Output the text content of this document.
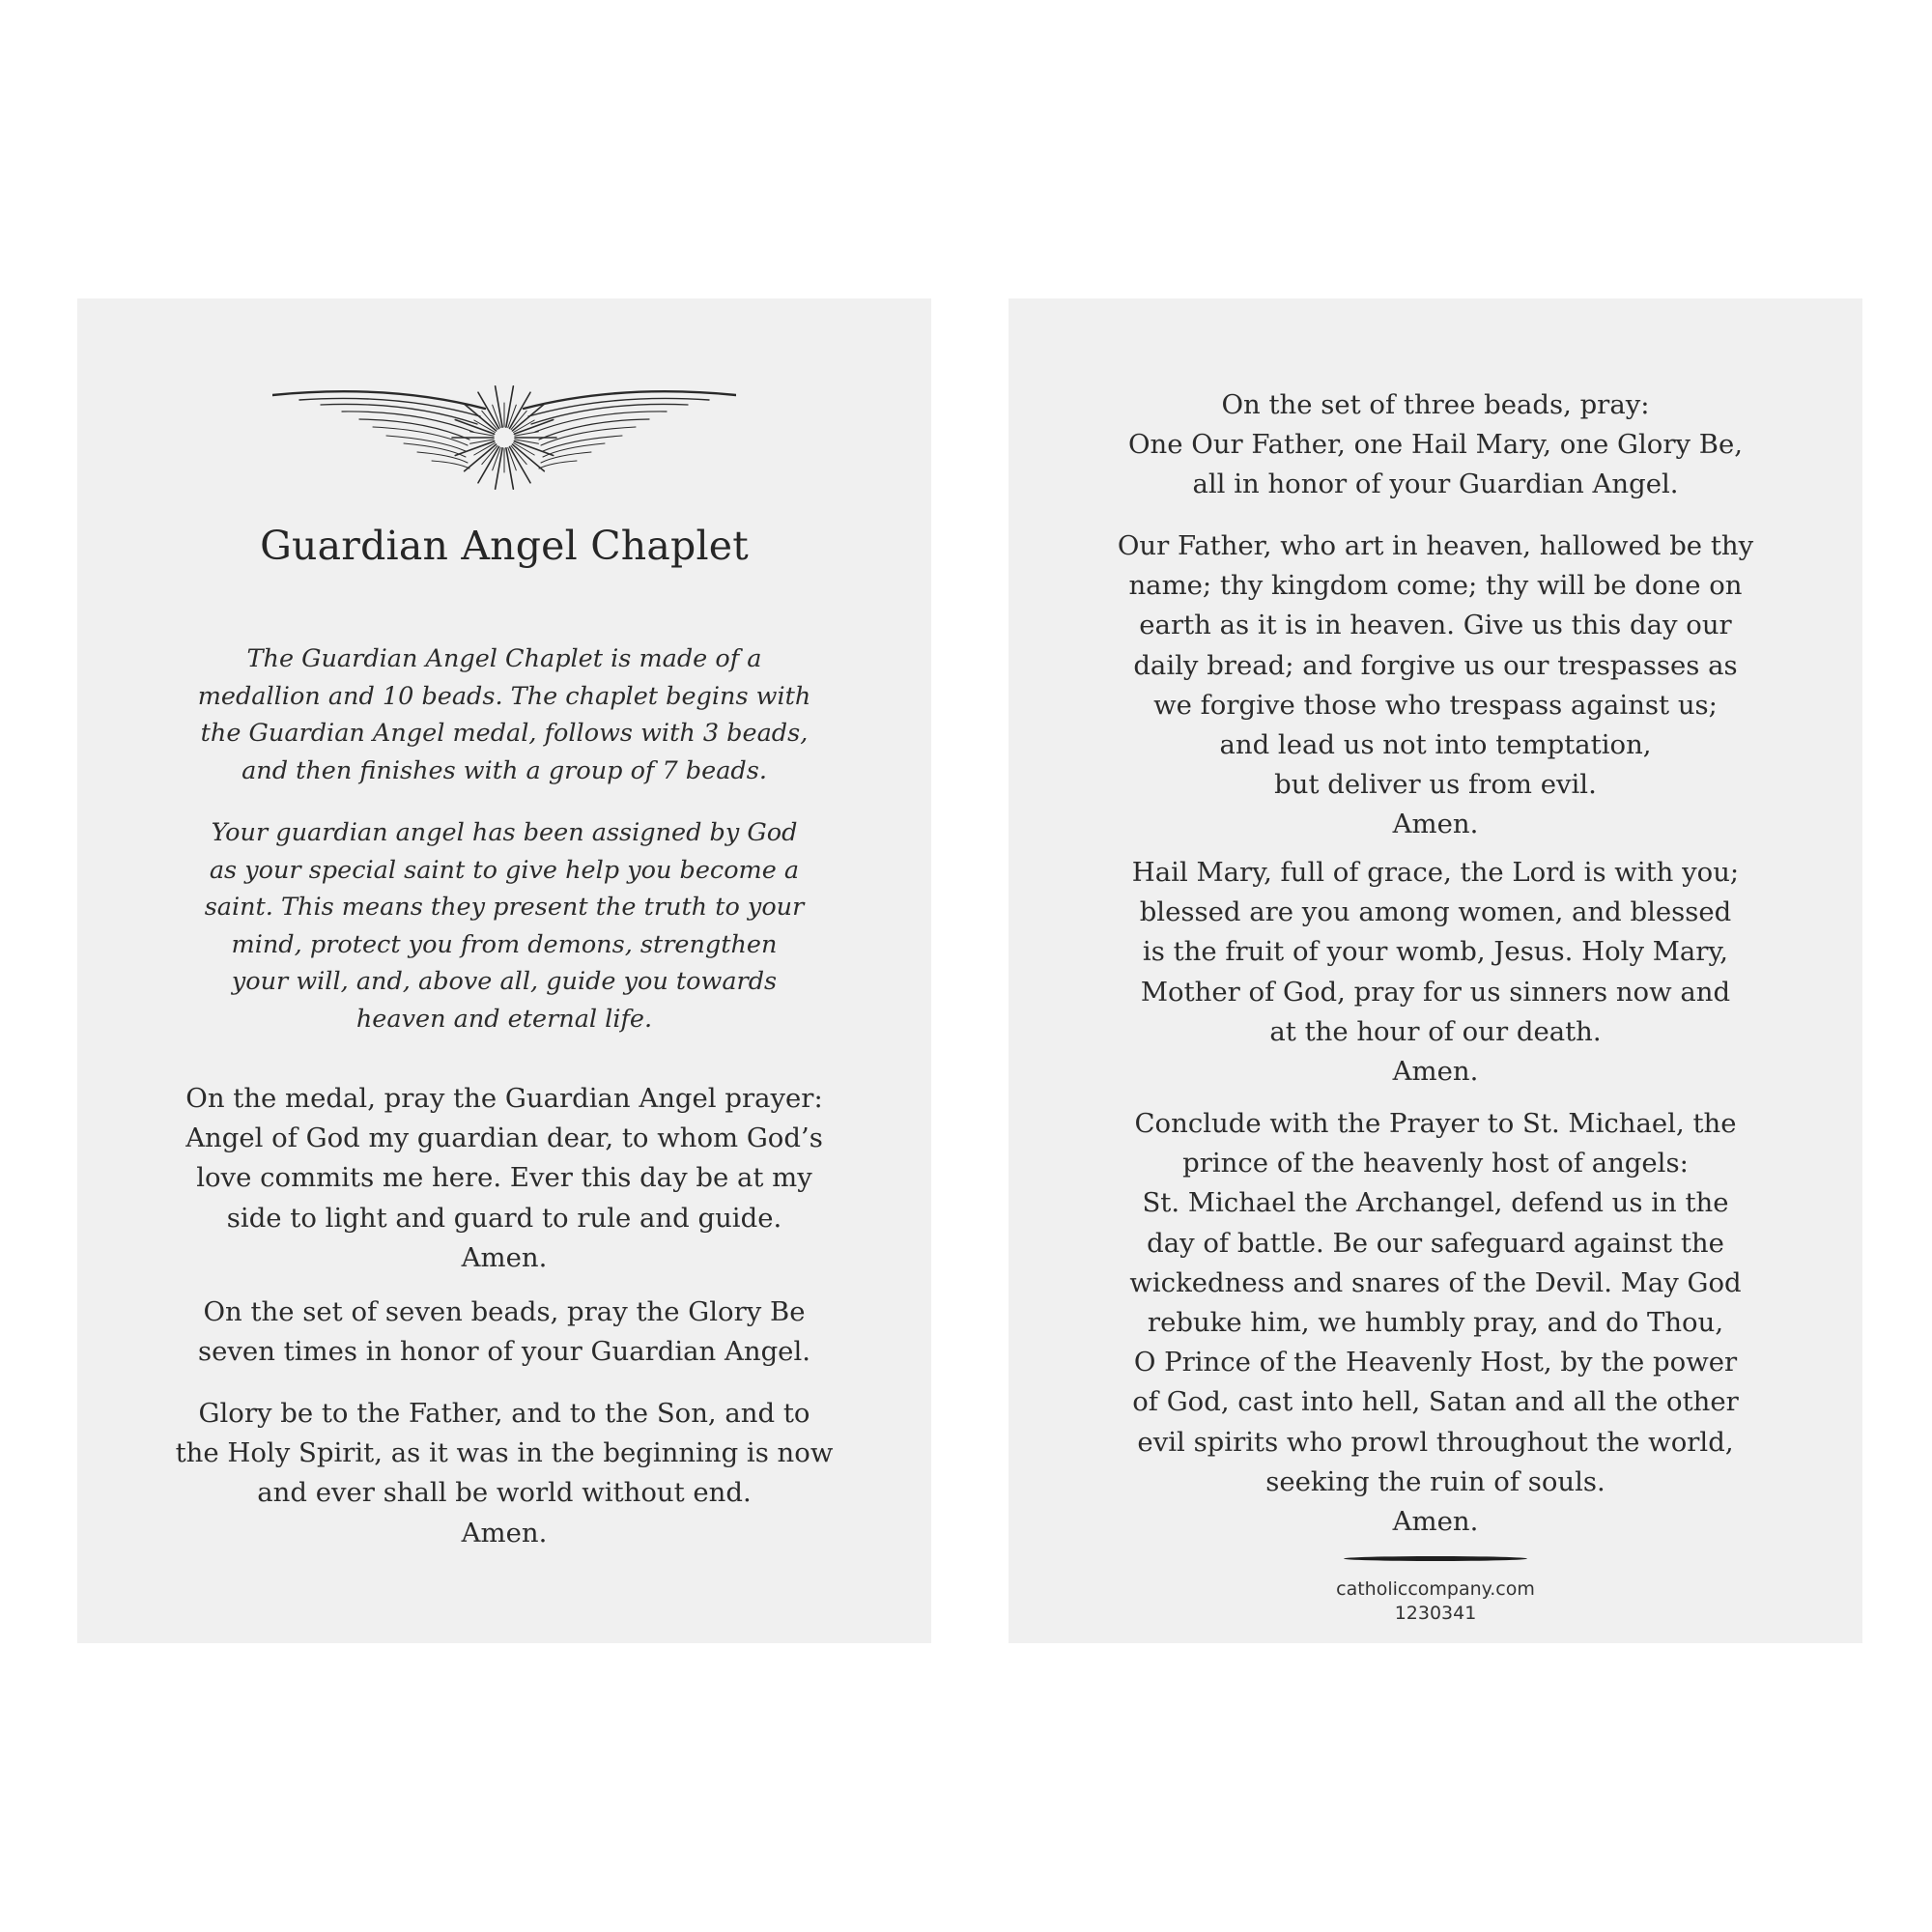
Guardian Angel Chaplet
The Guardian Angel Chaplet is made of a
medallion and 10 beads. The chaplet begins with
the Guardian Angel medal, follows with 3 beads,
and then finishes with a group of 7 beads.
Your guardian angel has been assigned by God
as your special saint to give help you become a
saint. This means they present the truth to your
mind, protect you from demons, strengthen
your will, and, above all, guide you towards
heaven and eternal life.
On the medal, pray the Guardian Angel prayer:
Angel of God my guardian dear, to whom God’s
love commits me here. Ever this day be at my
side to light and guard to rule and guide.
Amen.
On the set of seven beads, pray the Glory Be
seven times in honor of your Guardian Angel.
Glory be to the Father, and to the Son, and to
the Holy Spirit, as it was in the beginning is now
and ever shall be world without end.
Amen.
On the set of three beads, pray:
One Our Father, one Hail Mary, one Glory Be,
all in honor of your Guardian Angel.
Our Father, who art in heaven, hallowed be thy
name; thy kingdom come; thy will be done on
earth as it is in heaven. Give us this day our
daily bread; and forgive us our trespasses as
we forgive those who trespass against us;
and lead us not into temptation,
but deliver us from evil.
Amen.
Hail Mary, full of grace, the Lord is with you;
blessed are you among women, and blessed
is the fruit of your womb, Jesus. Holy Mary,
Mother of God, pray for us sinners now and
at the hour of our death.
Amen.
Conclude with the Prayer to St. Michael, the
prince of the heavenly host of angels:
St. Michael the Archangel, defend us in the
day of battle. Be our safeguard against the
wickedness and snares of the Devil. May God
rebuke him, we humbly pray, and do Thou,
O Prince of the Heavenly Host, by the power
of God, cast into hell, Satan and all the other
evil spirits who prowl throughout the world,
seeking the ruin of souls.
Amen.
catholiccompany.com
1230341
